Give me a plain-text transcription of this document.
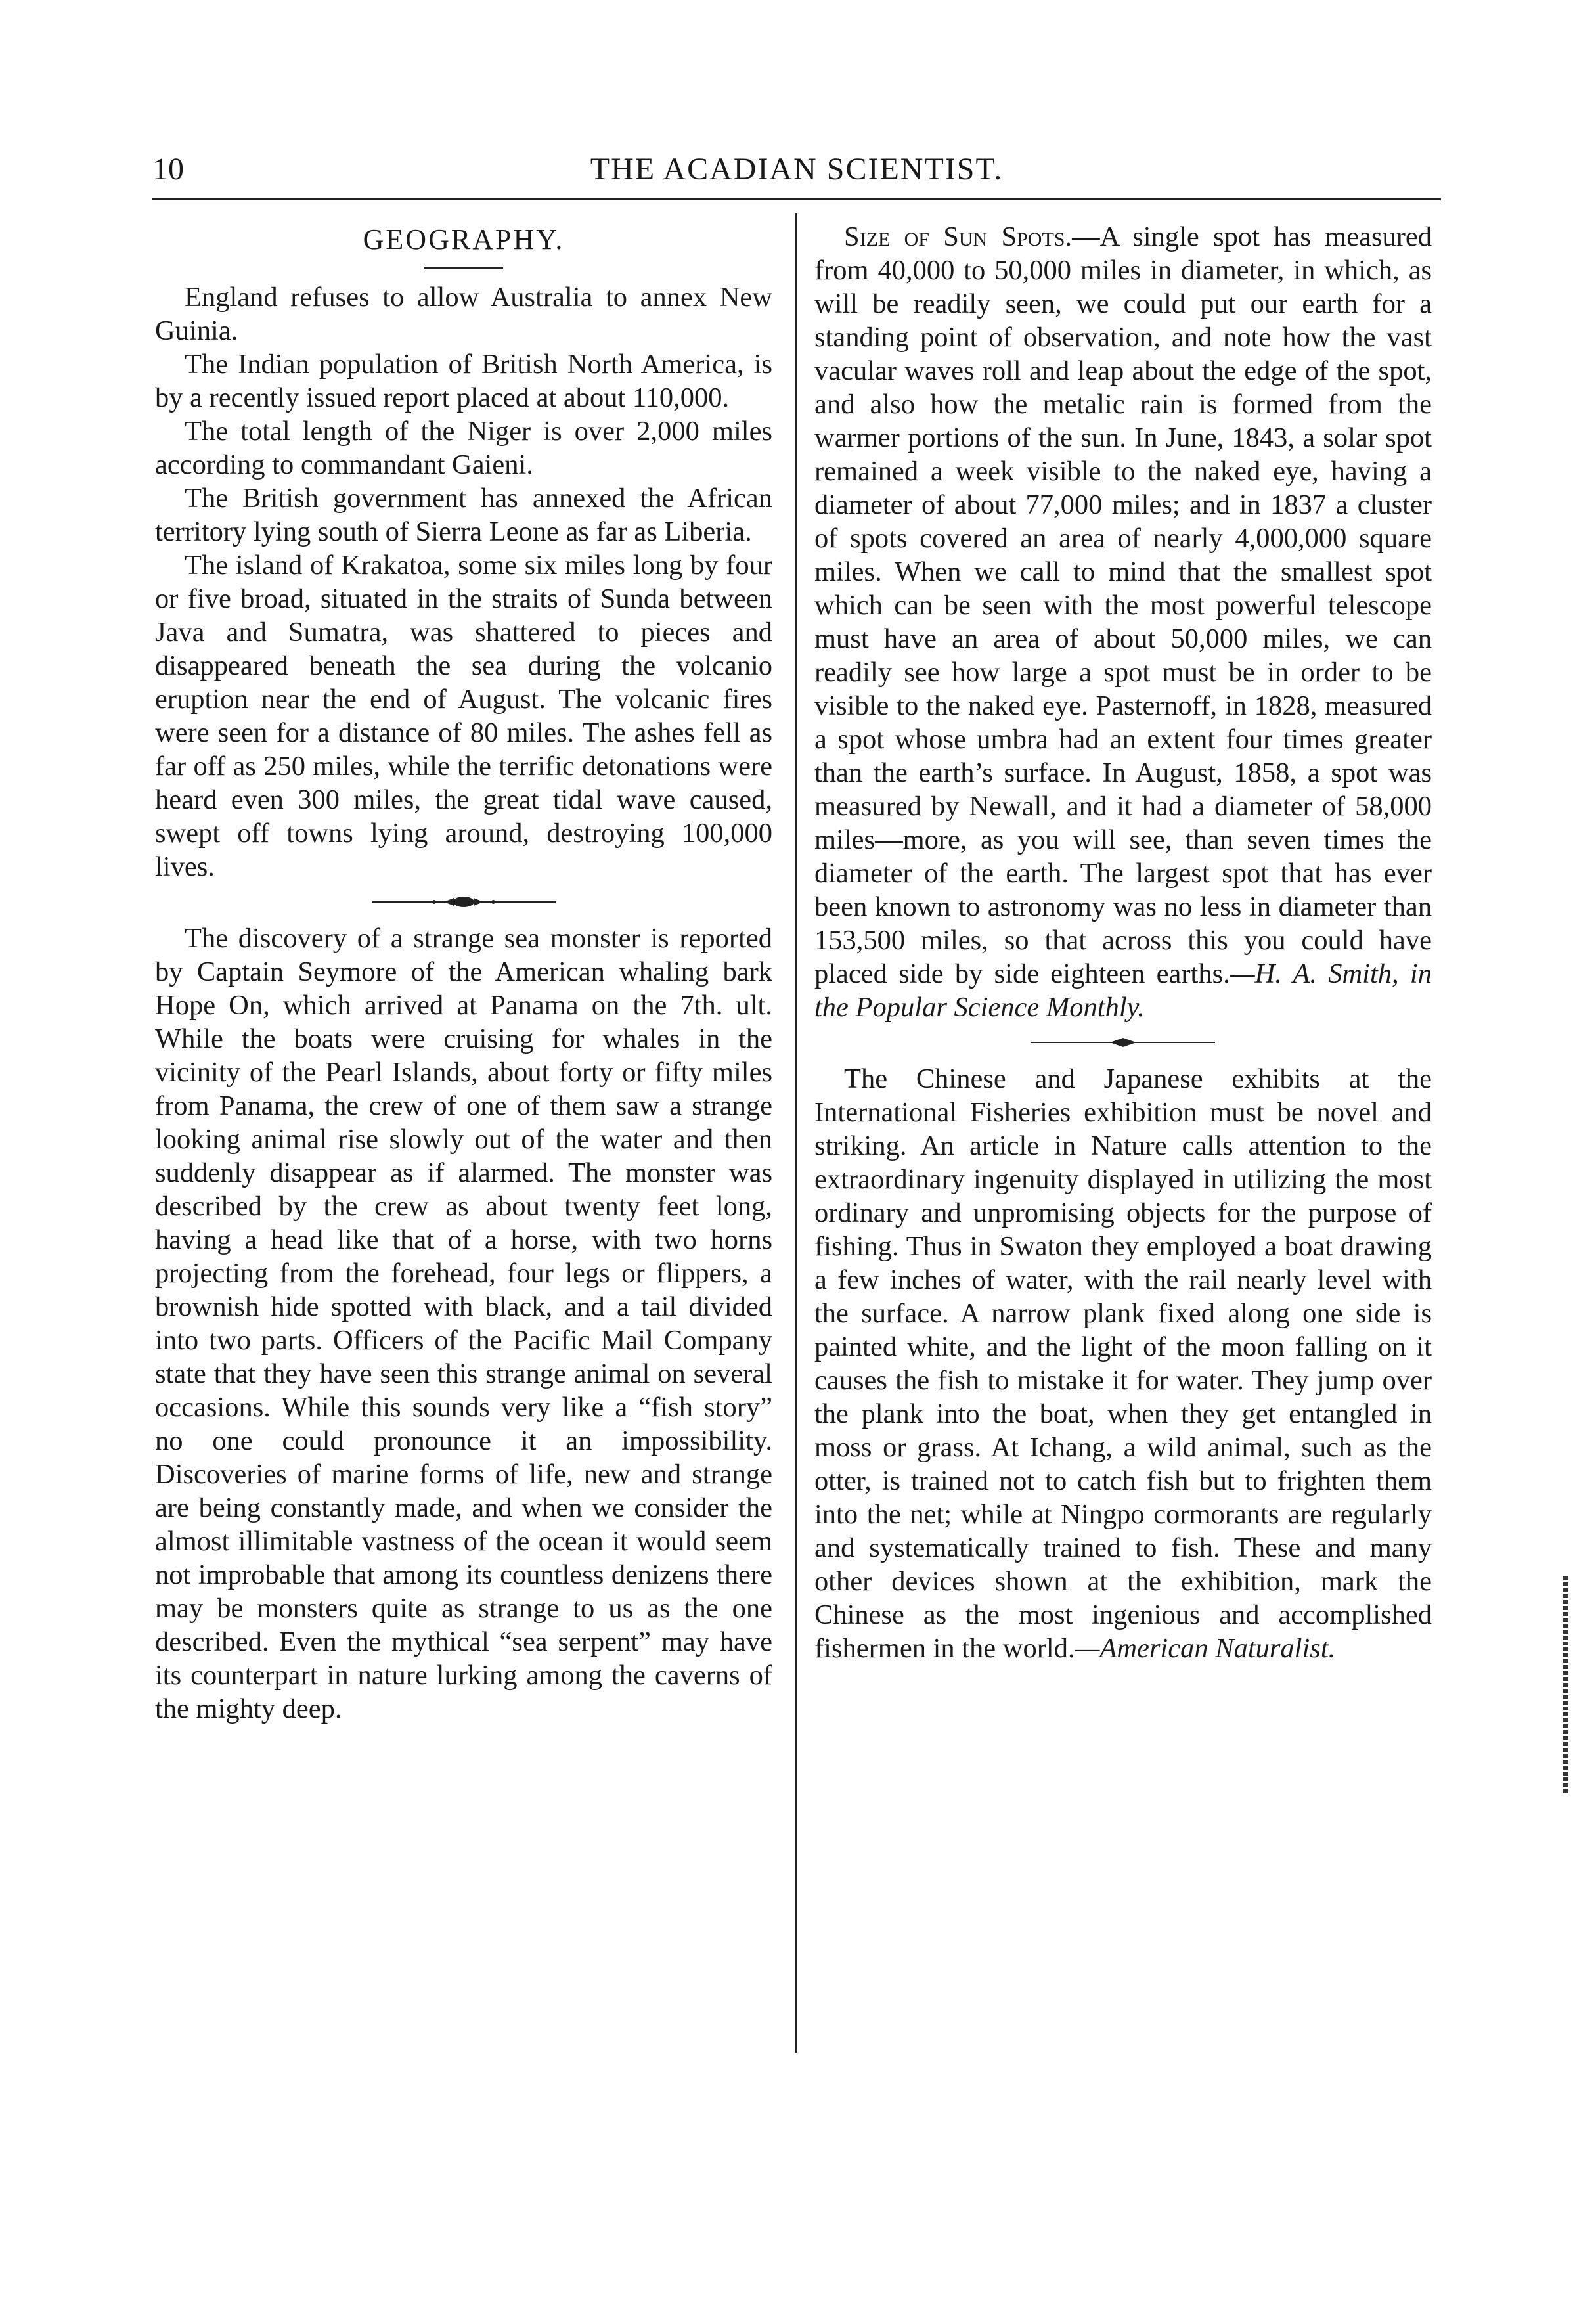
10	THE ACADIAN SCIENTIST.
GEOGRAPHY.

England refuses to allow Australia to annex New Guinia.

The Indian population of British North America, is by a recently issued report placed at about 110,000.

The total length of the Niger is over 2,000 miles according to commandant Gaieni.

The British government has annexed the African territory lying south of Sierra Leone as far as Liberia.

The island of Krakatoa, some six miles long by four or five broad, situated in the straits of Sunda between Java and Sumatra, was shattered to pieces and disappeared beneath the sea during the volcanio eruption near the end of August. The volcanic fires were seen for a distance of 80 miles. The ashes fell as far off as 250 miles, while the terrific detonations were heard even 300 miles, the great tidal wave caused, swept off towns lying around, destroying 100,000 lives.

The discovery of a strange sea monster is reported by Captain Seymore of the American whaling bark Hope On, which arrived at Panama on the 7th. ult. While the boats were cruising for whales in the vicinity of the Pearl Islands, about forty or fifty miles from Panama, the crew of one of them saw a strange looking animal rise slowly out of the water and then suddenly disappear as if alarmed. The monster was described by the crew as about twenty feet long, having a head like that of a horse, with two horns projecting from the forehead, four legs or flippers, a brownish hide spotted with black, and a tail divided into two parts. Officers of the Pacific Mail Company state that they have seen this strange animal on several occasions. While this sounds very like a “fish story” no one could pronounce it an impossibility. Discoveries of marine forms of life, new and strange are being constantly made, and when we consider the almost illimitable vastness of the ocean it would seem not improbable that among its countless denizens there may be monsters quite as strange to us as the one described. Even the mythical “sea serpent” may have its counterpart in nature lurking among the caverns of the mighty deep.

Size of Sun Spots.—A single spot has measured from 40,000 to 50,000 miles in diameter, in which, as will be readily seen, we could put our earth for a standing point of observation, and note how the vast vacular waves roll and leap about the edge of the spot, and also how the metalic rain is formed from the warmer portions of the sun. In June, 1843, a solar spot remained a week visible to the naked eye, having a diameter of about 77,000 miles; and in 1837 a cluster of spots covered an area of nearly 4,000,000 square miles. When we call to mind that the smallest spot which can be seen with the most powerful telescope must have an area of about 50,000 miles, we can readily see how large a spot must be in order to be visible to the naked eye. Pasternoff, in 1828, measured a spot whose umbra had an extent four times greater than the earth’s surface. In August, 1858, a spot was measured by Newall, and it had a diameter of 58,000 miles—more, as you will see, than seven times the diameter of the earth. The largest spot that has ever been known to astronomy was no less in diameter than 153,500 miles, so that across this you could have placed side by side eighteen earths.—H. A. Smith, in the Popular Science Monthly.

The Chinese and Japanese exhibits at the International Fisheries exhibition must be novel and striking. An article in Nature calls attention to the extraordinary ingenuity displayed in utilizing the most ordinary and unpromising objects for the purpose of fishing. Thus in Swaton they employed a boat drawing a few inches of water, with the rail nearly level with the surface. A narrow plank fixed along one side is painted white, and the light of the moon falling on it causes the fish to mistake it for water. They jump over the plank into the boat, when they get entangled in moss or grass. At Ichang, a wild animal, such as the otter, is trained not to catch fish but to frighten them into the net; while at Ningpo cormorants are regularly and systematically trained to fish. These and many other devices shown at the exhibition, mark the Chinese as the most ingenious and accomplished fishermen in the world.—American Naturalist.
